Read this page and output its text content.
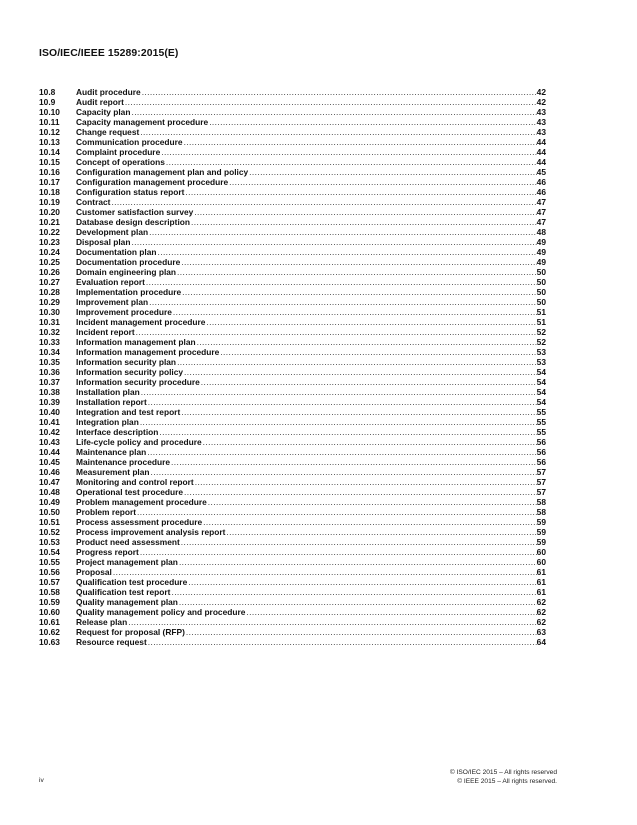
ISO/IEC/IEEE 15289:2015(E)
10.8	Audit procedure .....	42
10.9	Audit report .....	42
10.10	Capacity plan .....	43
10.11	Capacity management procedure .....	43
10.12	Change request .....	43
10.13	Communication procedure .....	44
10.14	Complaint procedure .....	44
10.15	Concept of operations .....	44
10.16	Configuration management plan and policy .....	45
10.17	Configuration management procedure .....	46
10.18	Configuration status report .....	46
10.19	Contract .....	47
10.20	Customer satisfaction survey .....	47
10.21	Database design description .....	47
10.22	Development plan .....	48
10.23	Disposal plan .....	49
10.24	Documentation plan .....	49
10.25	Documentation procedure .....	49
10.26	Domain engineering plan .....	50
10.27	Evaluation report .....	50
10.28	Implementation procedure .....	50
10.29	Improvement plan .....	50
10.30	Improvement procedure .....	51
10.31	Incident management procedure .....	51
10.32	Incident report .....	52
10.33	Information management plan .....	52
10.34	Information management procedure .....	53
10.35	Information security plan .....	53
10.36	Information security policy .....	54
10.37	Information security procedure .....	54
10.38	Installation plan .....	54
10.39	Installation report .....	54
10.40	Integration and test report .....	55
10.41	Integration plan .....	55
10.42	Interface description .....	55
10.43	Life-cycle policy and procedure .....	56
10.44	Maintenance plan .....	56
10.45	Maintenance procedure .....	56
10.46	Measurement plan .....	57
10.47	Monitoring and control report .....	57
10.48	Operational test procedure .....	57
10.49	Problem management procedure .....	58
10.50	Problem report .....	58
10.51	Process assessment procedure .....	59
10.52	Process improvement analysis report .....	59
10.53	Product need assessment .....	59
10.54	Progress report .....	60
10.55	Project management plan .....	60
10.56	Proposal .....	61
10.57	Qualification test procedure .....	61
10.58	Qualification test report .....	61
10.59	Quality management plan .....	62
10.60	Quality management policy and procedure .....	62
10.61	Release plan .....	62
10.62	Request for proposal (RFP) .....	63
10.63	Resource request .....	64
© ISO/IEC 2015 – All rights reserved
© IEEE 2015 – All rights reserved.
iv
